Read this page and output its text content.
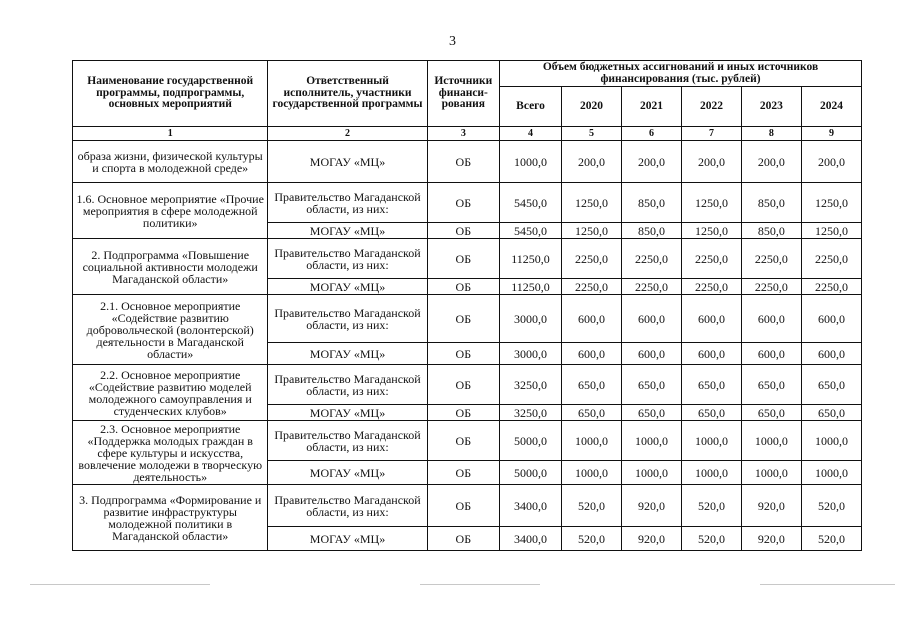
3
Наименование государственной программы, подпрограммы, основных мероприятий	Ответственный исполнитель, участники государственной программы	Источники финанси-рования	Объем бюджетных ассигнований и иных источников финансирования (тыс. рублей)					
			Всего	2020	2021	2022	2023	2024
1	2	3	4	5	6	7	8	9
образа жизни, физической культуры и спорта в молодежной среде»	МОГАУ «МЦ»	ОБ	1000,0	200,0	200,0	200,0	200,0	200,0
1.6. Основное мероприятие «Прочие мероприятия в сфере молодежной политики»	Правительство Магаданской области, из них:	ОБ	5450,0	1250,0	850,0	1250,0	850,0	1250,0
	МОГАУ «МЦ»	ОБ	5450,0	1250,0	850,0	1250,0	850,0	1250,0
2. Подпрограмма «Повышение социальной активности молодежи Магаданской области»	Правительство Магаданской области, из них:	ОБ	11250,0	2250,0	2250,0	2250,0	2250,0	2250,0
	МОГАУ «МЦ»	ОБ	11250,0	2250,0	2250,0	2250,0	2250,0	2250,0
2.1. Основное мероприятие «Содействие развитию добровольческой (волонтерской) деятельности в Магаданской области»	Правительство Магаданской области, из них:	ОБ	3000,0	600,0	600,0	600,0	600,0	600,0
	МОГАУ «МЦ»	ОБ	3000,0	600,0	600,0	600,0	600,0	600,0
2.2. Основное мероприятие «Содействие развитию моделей молодежного самоуправления и студенческих клубов»	Правительство Магаданской области, из них:	ОБ	3250,0	650,0	650,0	650,0	650,0	650,0
	МОГАУ «МЦ»	ОБ	3250,0	650,0	650,0	650,0	650,0	650,0
2.3. Основное мероприятие «Поддержка молодых граждан в сфере культуры и искусства, вовлечение молодежи в творческую деятельность»	Правительство Магаданской области, из них:	ОБ	5000,0	1000,0	1000,0	1000,0	1000,0	1000,0
	МОГАУ «МЦ»	ОБ	5000,0	1000,0	1000,0	1000,0	1000,0	1000,0
3. Подпрограмма «Формирование и развитие инфраструктуры молодежной политики в Магаданской области»	Правительство Магаданской области, из них:	ОБ	3400,0	520,0	920,0	520,0	920,0	520,0
	МОГАУ «МЦ»	ОБ	3400,0	520,0	920,0	520,0	920,0	520,0
